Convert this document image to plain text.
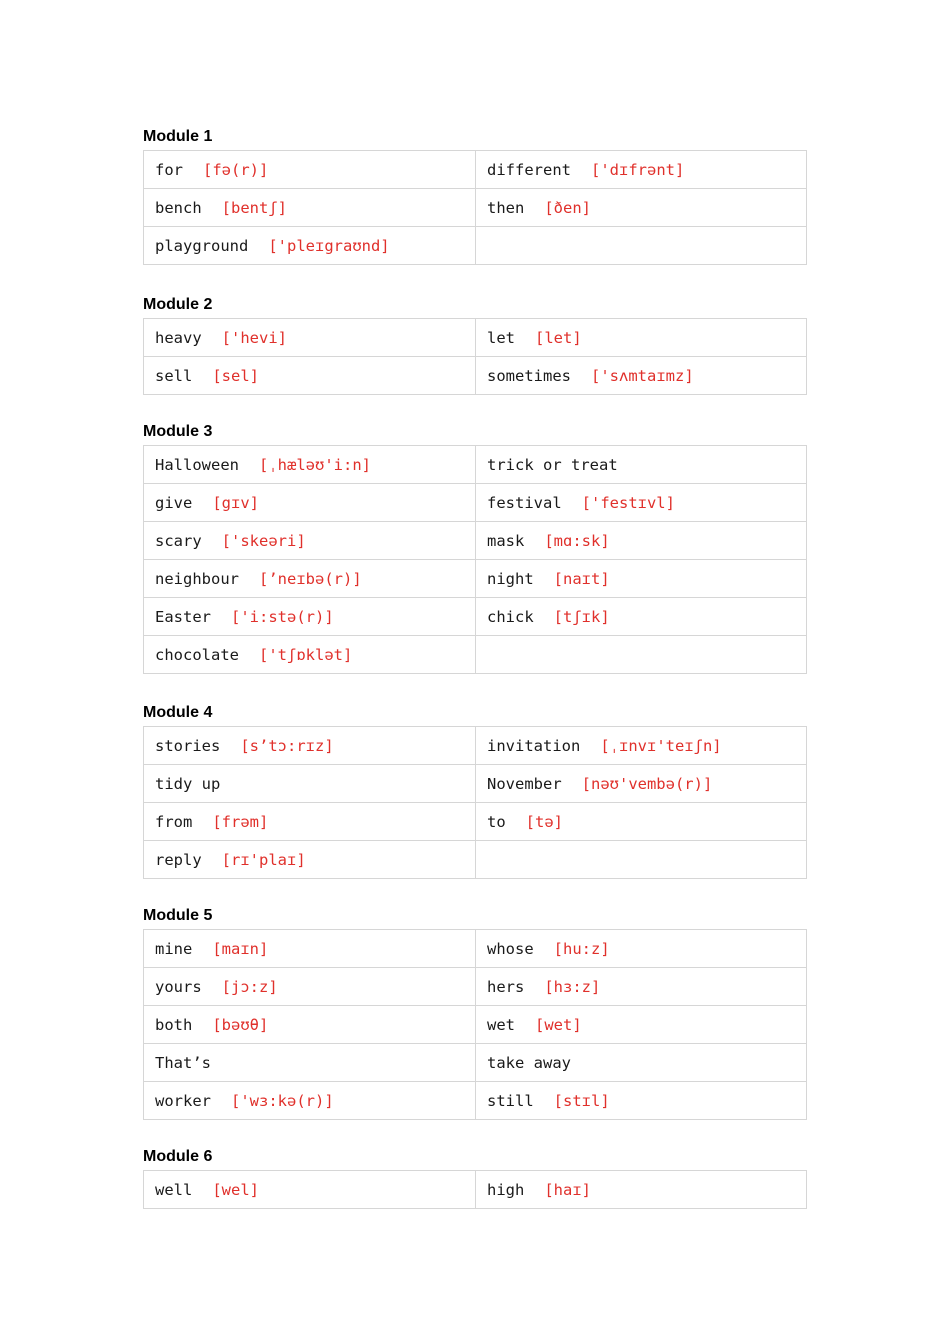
Module 1
for [fə(r)]	different ['dɪfrənt]
bench [bentʃ]	then [ðen]
playground ['pleɪgraʊnd]	
Module 2
heavy ['hevi]	let [let]
sell [sel]	sometimes ['sʌmtaɪmz]
Module 3
Halloween [ˌhæləʊ'i:n]	trick or treat
give [gɪv]	festival ['festɪvl]
scary ['skeəri]	mask [mɑ:sk]
neighbour [’neɪbə(r)]	night [naɪt]
Easter ['i:stə(r)]	chick [tʃɪk]
chocolate ['tʃɒklət]	
Module 4
stories [s’tɔ:rɪz]	invitation [ˌɪnvɪ'teɪʃn]
tidy up	November [nəʊ'vembə(r)]
from [frəm]	to [tə]
reply [rɪ'plaɪ]	
Module 5
mine [maɪn]	whose [hu:z]
yours [jɔ:z]	hers [hɜ:z]
both [bəʊθ]	wet [wet]
That’s	take away
worker ['wɜ:kə(r)]	still [stɪl]
Module 6
well [wel]	high [haɪ]
